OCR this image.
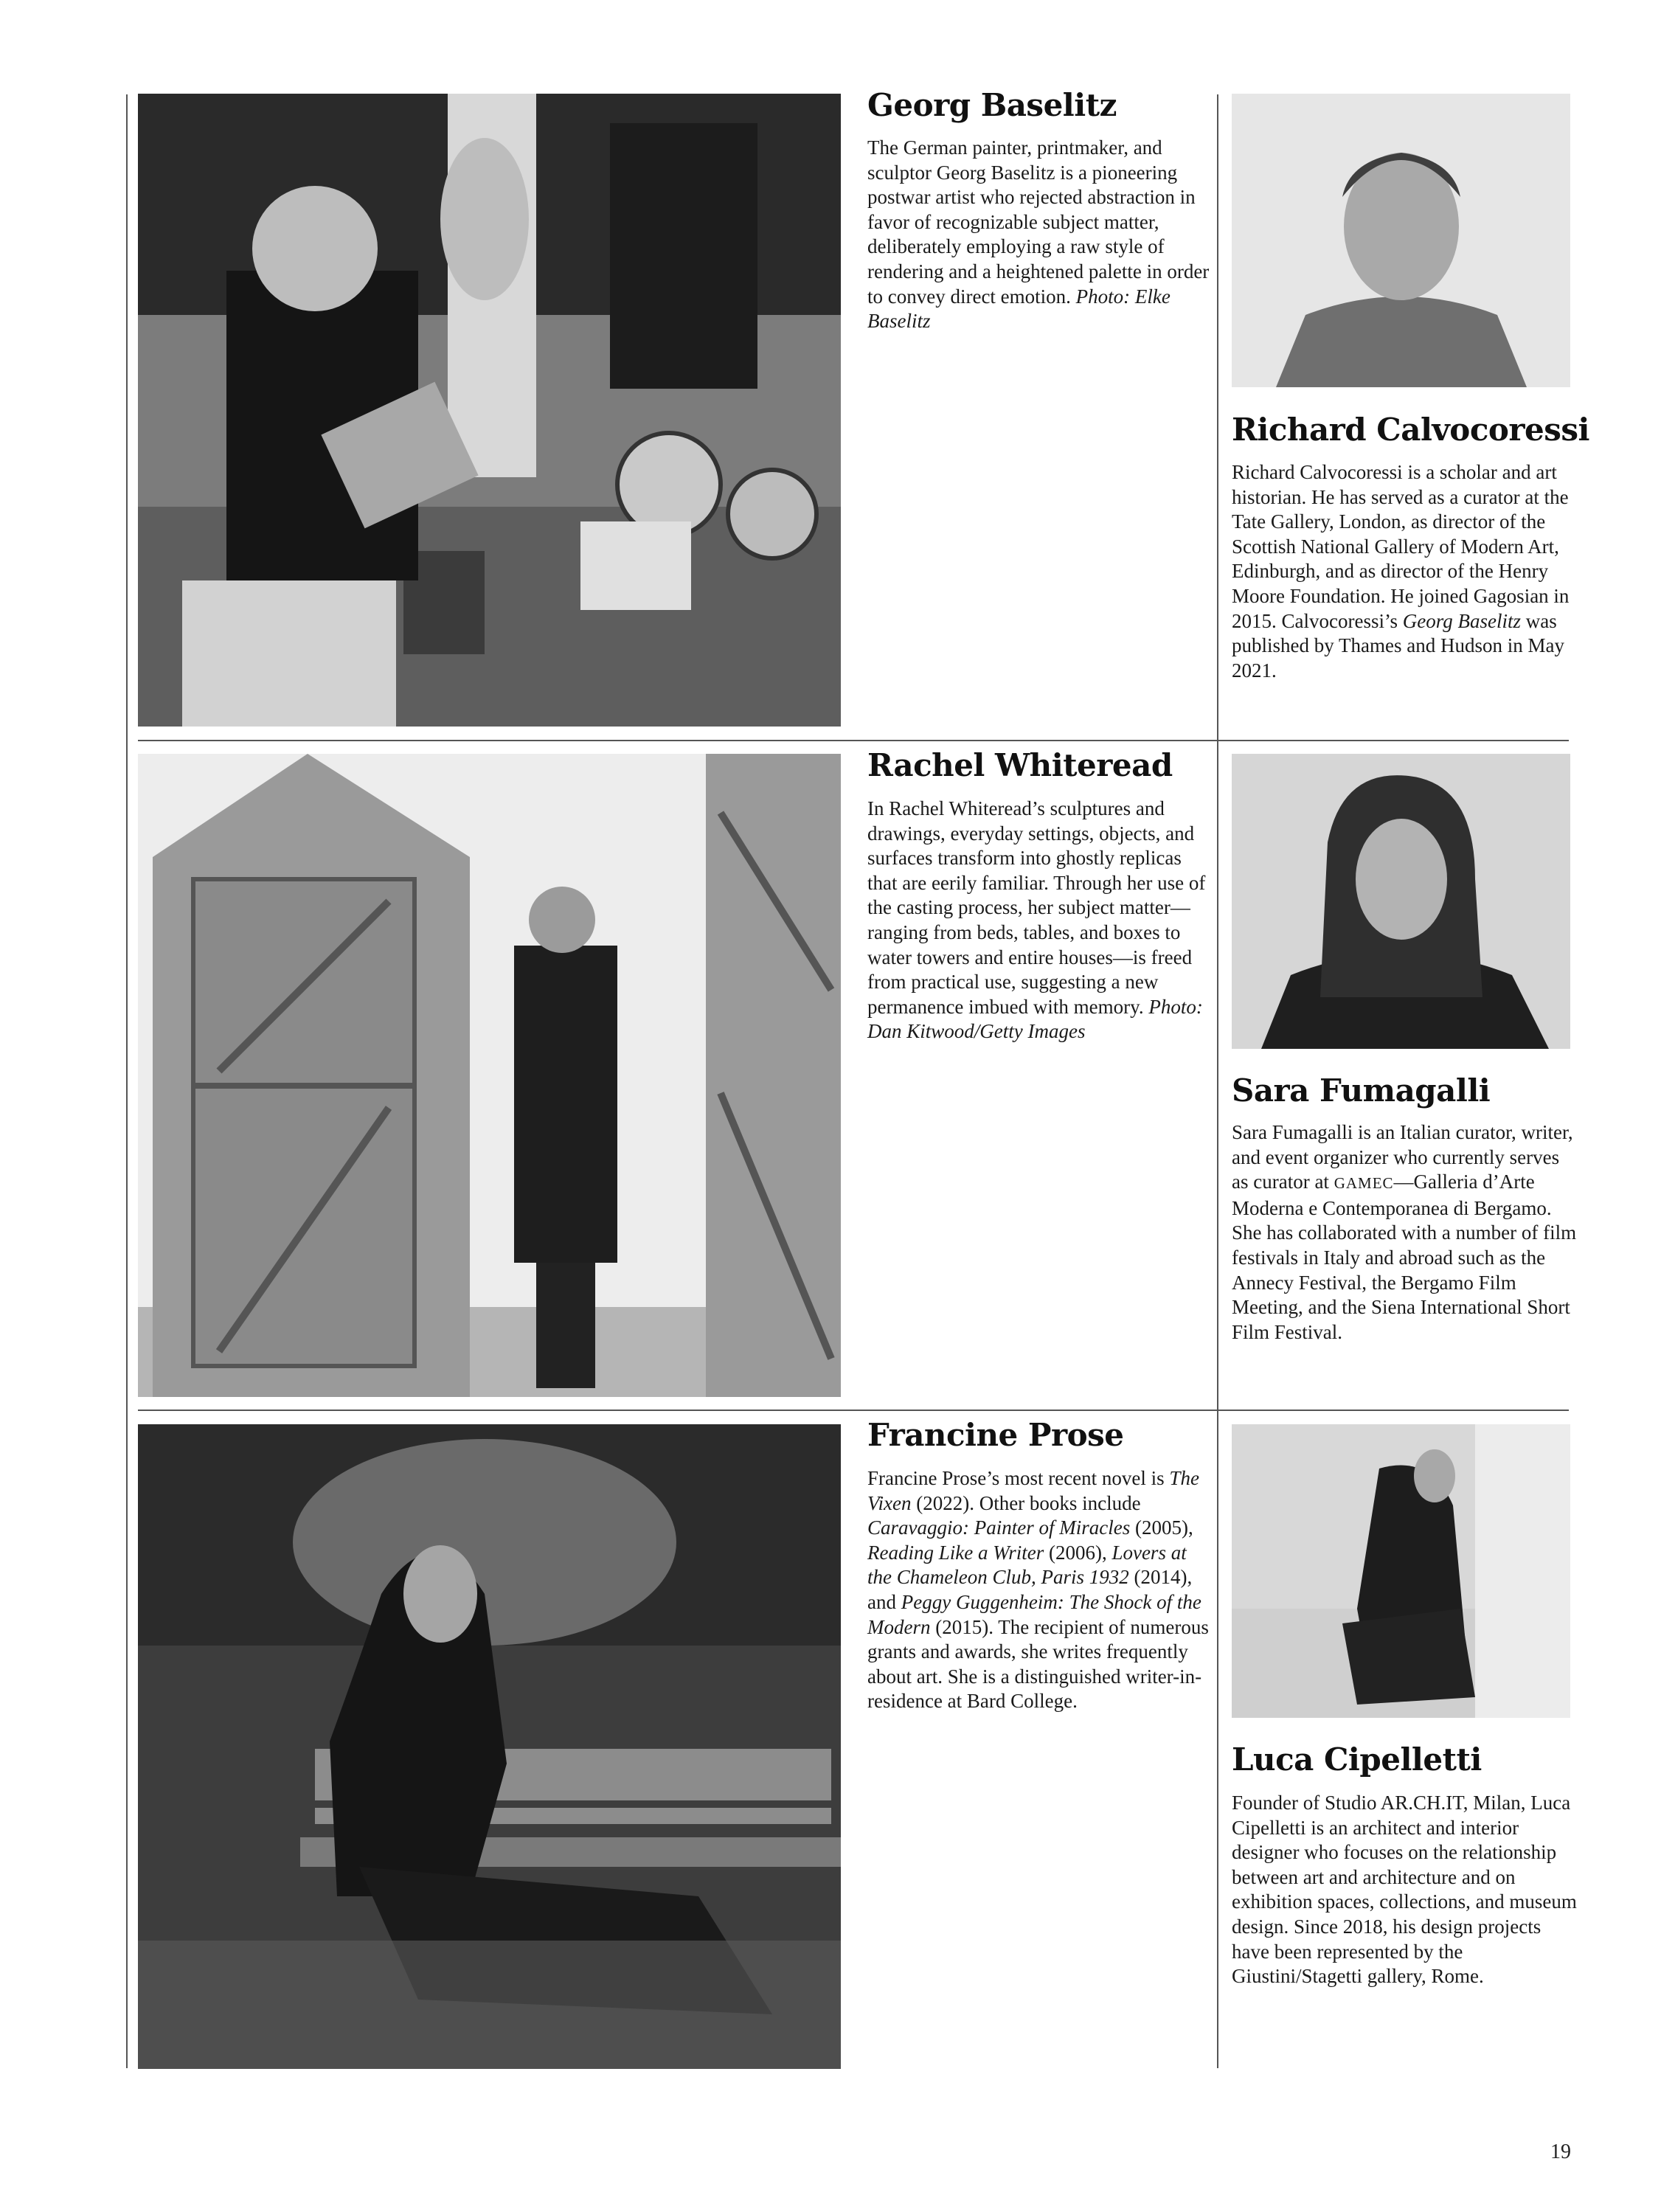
Georg Baselitz

The German painter, printmaker, and sculptor Georg Baselitz is a pioneering postwar artist who rejected abstraction in favor of recognizable subject matter, deliberately employing a raw style of rendering and a heightened palette in order to convey direct emotion. Photo: Elke Baselitz

Richard Calvocoressi

Richard Calvocoressi is a scholar and art historian. He has served as a curator at the Tate Gallery, London, as director of the Scottish National Gallery of Modern Art, Edinburgh, and as director of the Henry Moore Foundation. He joined Gagosian in 2015. Calvocoressi’s Georg Baselitz was published by Thames and Hudson in May 2021.

Rachel Whiteread

In Rachel Whiteread’s sculptures and drawings, everyday settings, objects, and surfaces transform into ghostly replicas that are eerily familiar. Through her use of the casting process, her subject matter—ranging from beds, tables, and boxes to water towers and entire houses—is freed from practical use, suggesting a new permanence imbued with memory. Photo: Dan Kitwood/Getty Images

Sara Fumagalli

Sara Fumagalli is an Italian curator, writer, and event organizer who currently serves as curator at GAMEC—Galleria d’Arte Moderna e Contemporanea di Bergamo. She has collaborated with a number of film festivals in Italy and abroad such as the Annecy Festival, the Bergamo Film Meeting, and the Siena International Short Film Festival.

Francine Prose

Francine Prose’s most recent novel is The Vixen (2022). Other books include Caravaggio: Painter of Miracles (2005), Reading Like a Writer (2006), Lovers at the Chameleon Club, Paris 1932 (2014), and Peggy Guggenheim: The Shock of the Modern (2015). The recipient of numerous grants and awards, she writes frequently about art. She is a distinguished writer-in-residence at Bard College.

Luca Cipelletti

Founder of Studio AR.CH.IT, Milan, Luca Cipelletti is an architect and interior designer who focuses on the relationship between art and architecture and on exhibition spaces, collections, and museum design. Since 2018, his design projects have been represented by the Giustini/Stagetti gallery, Rome.

19
